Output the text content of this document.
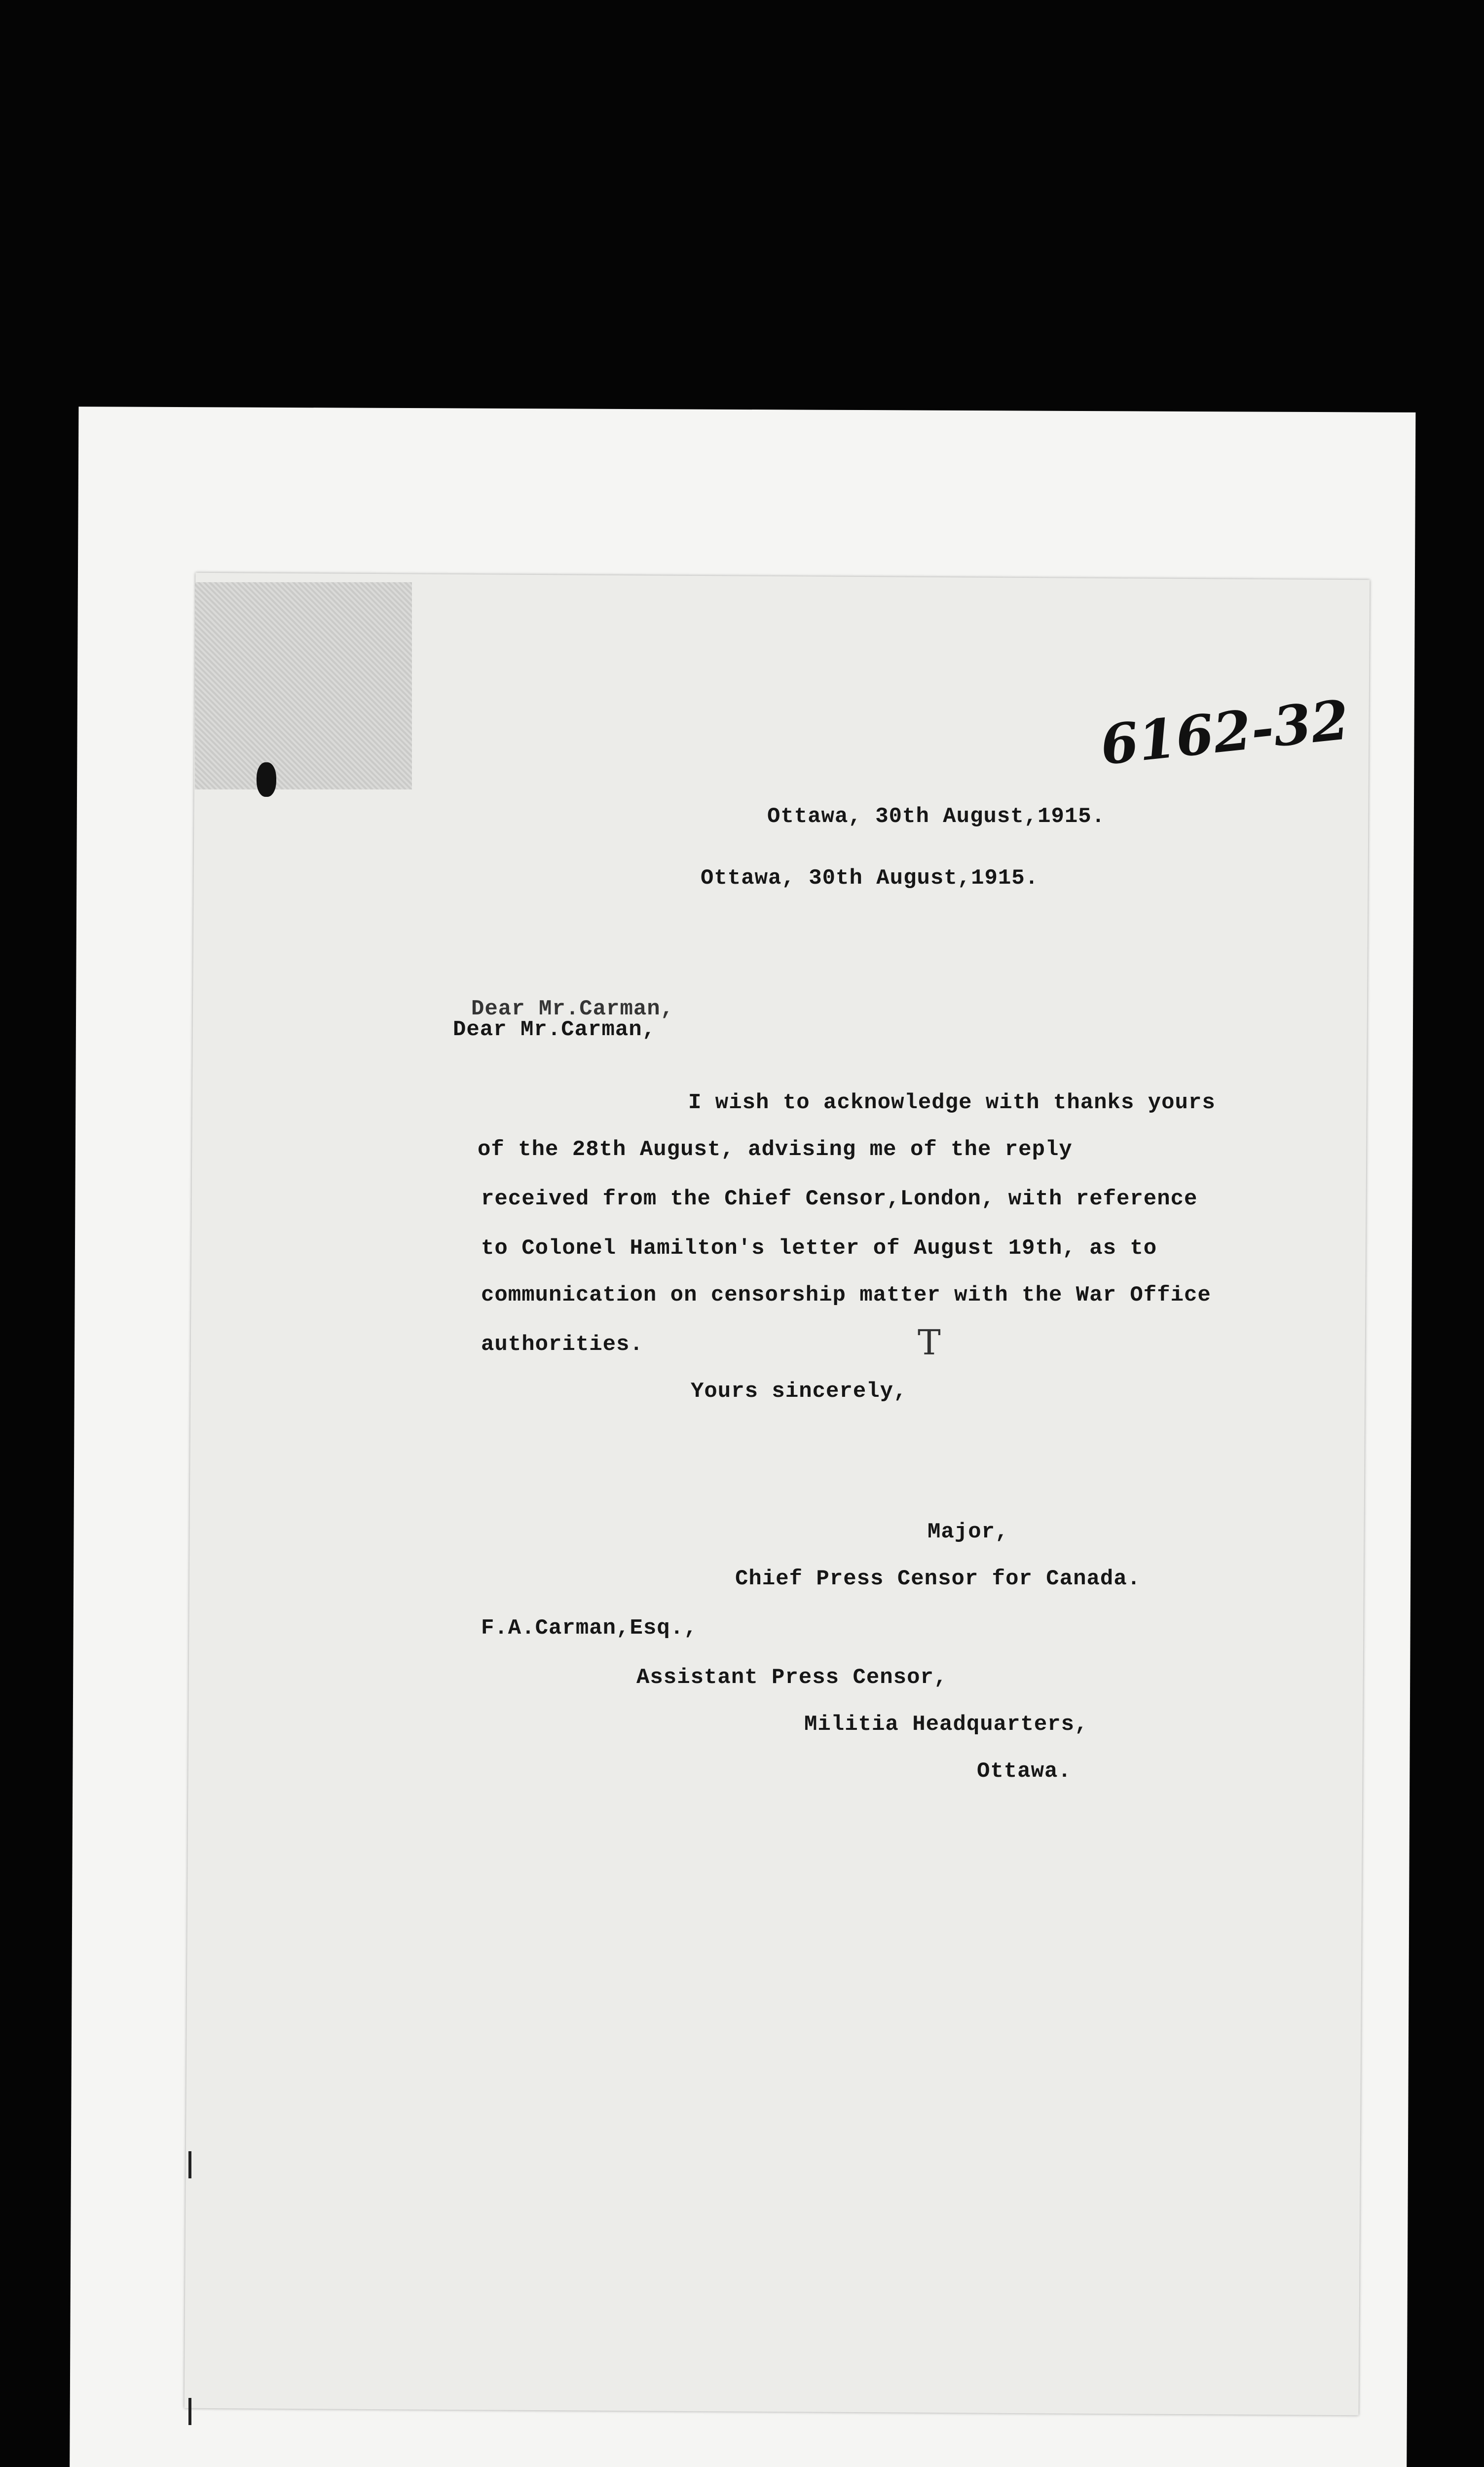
6162-32
Ottawa, 30th August,1915.
Ottawa, 30th August,1915.
Dear Mr.Carman,
Dear Mr.Carman,
I wish to acknowledge with thanks yours
of the 28th August, advising me of the reply
received from the Chief Censor,London, with reference
to Colonel Hamilton's letter of August 19th, as to
communication on censorship matter with the War Office
authorities.	T
Yours sincerely,
Major,
Chief Press Censor for Canada.
F.A.Carman,Esq.,
Assistant Press Censor,
Militia Headquarters,
Ottawa.
